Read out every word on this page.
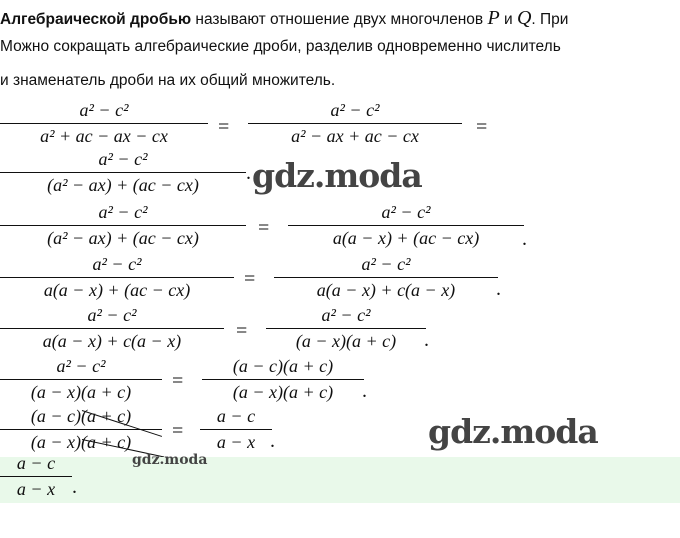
Алгебраической дробью называют отношение двух многочленов P и Q. При
Можно сокращать алгебраические дроби, разделив одновременно числитель
и знаменатель дроби на их общий множитель.
$\frac{\text{a² − c²}}{\text{a² + ac − ax − cx}} = \frac{\text{a² − c²}}{\text{a² − ax + ac − cx}}$ =
$\frac{\text{a² − c²}}{\text{(a² − ax) + (ac − cx)}}$ .
$\frac{\text{a² − c²}}{\text{(a² − ax) + (ac − cx)}} = \frac{\text{a² − c²}}{a(a - x) + (ac - cx)}$
.
$\frac{\text{a² − c²}}{a(a - x) + (ac - cx)} = \frac{\text{a² − c²}}{a(a - x) + c(a - x)}$
.
$\frac{\text{a² − c²}}{a(a - x) + c(a - x)} = \frac{\text{a² − c²}}{(a - x)(a + c)}$
.
$\frac{\text{a² − c²}}{(a - x)(a + c)} = \frac{(a - c)(a + c)}{(a - x)(a + c)}$
.
$\frac{(a - c)(a + c)}{(a - x)(a + c)} = \frac{a - c}{a - x}$
.
$\frac{a - c}{a - x}$ .
gdz.moda
gdz.moda
gdz.moda
